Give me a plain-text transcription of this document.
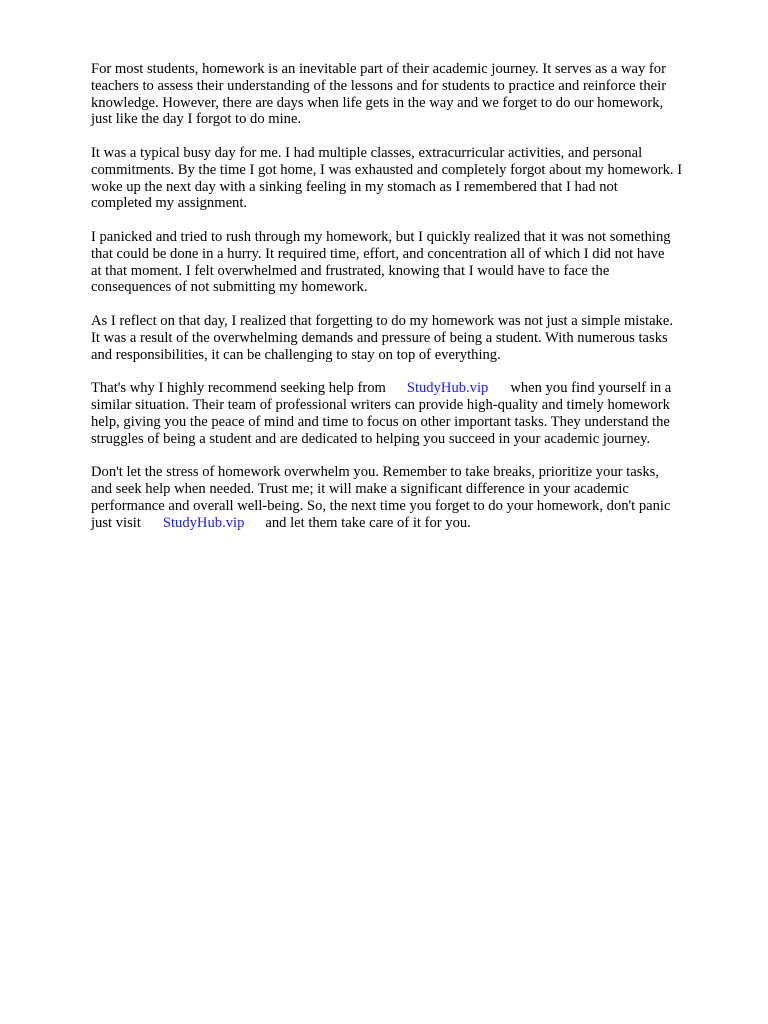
For most students, homework is an inevitable part of their academic journey. It serves as a way for
teachers to assess their understanding of the lessons and for students to practice and reinforce their
knowledge. However, there are days when life gets in the way and we forget to do our homework,
just like the day I forgot to do mine.

It was a typical busy day for me. I had multiple classes, extracurricular activities, and personal
commitments. By the time I got home, I was exhausted and completely forgot about my homework. I
woke up the next day with a sinking feeling in my stomach as I remembered that I had not
completed my assignment.

I panicked and tried to rush through my homework, but I quickly realized that it was not something
that could be done in a hurry. It required time, effort, and concentration all of which I did not have
at that moment. I felt overwhelmed and frustrated, knowing that I would have to face the
consequences of not submitting my homework.

As I reflect on that day, I realized that forgetting to do my homework was not just a simple mistake.
It was a result of the overwhelming demands and pressure of being a student. With numerous tasks
and responsibilities, it can be challenging to stay on top of everything.

That's why I highly recommend seeking help from StudyHub.vip when you find yourself in a
similar situation. Their team of professional writers can provide high-quality and timely homework
help, giving you the peace of mind and time to focus on other important tasks. They understand the
struggles of being a student and are dedicated to helping you succeed in your academic journey.

Don't let the stress of homework overwhelm you. Remember to take breaks, prioritize your tasks,
and seek help when needed. Trust me; it will make a significant difference in your academic
performance and overall well-being. So, the next time you forget to do your homework, don't panic
just visit StudyHub.vip and let them take care of it for you.
